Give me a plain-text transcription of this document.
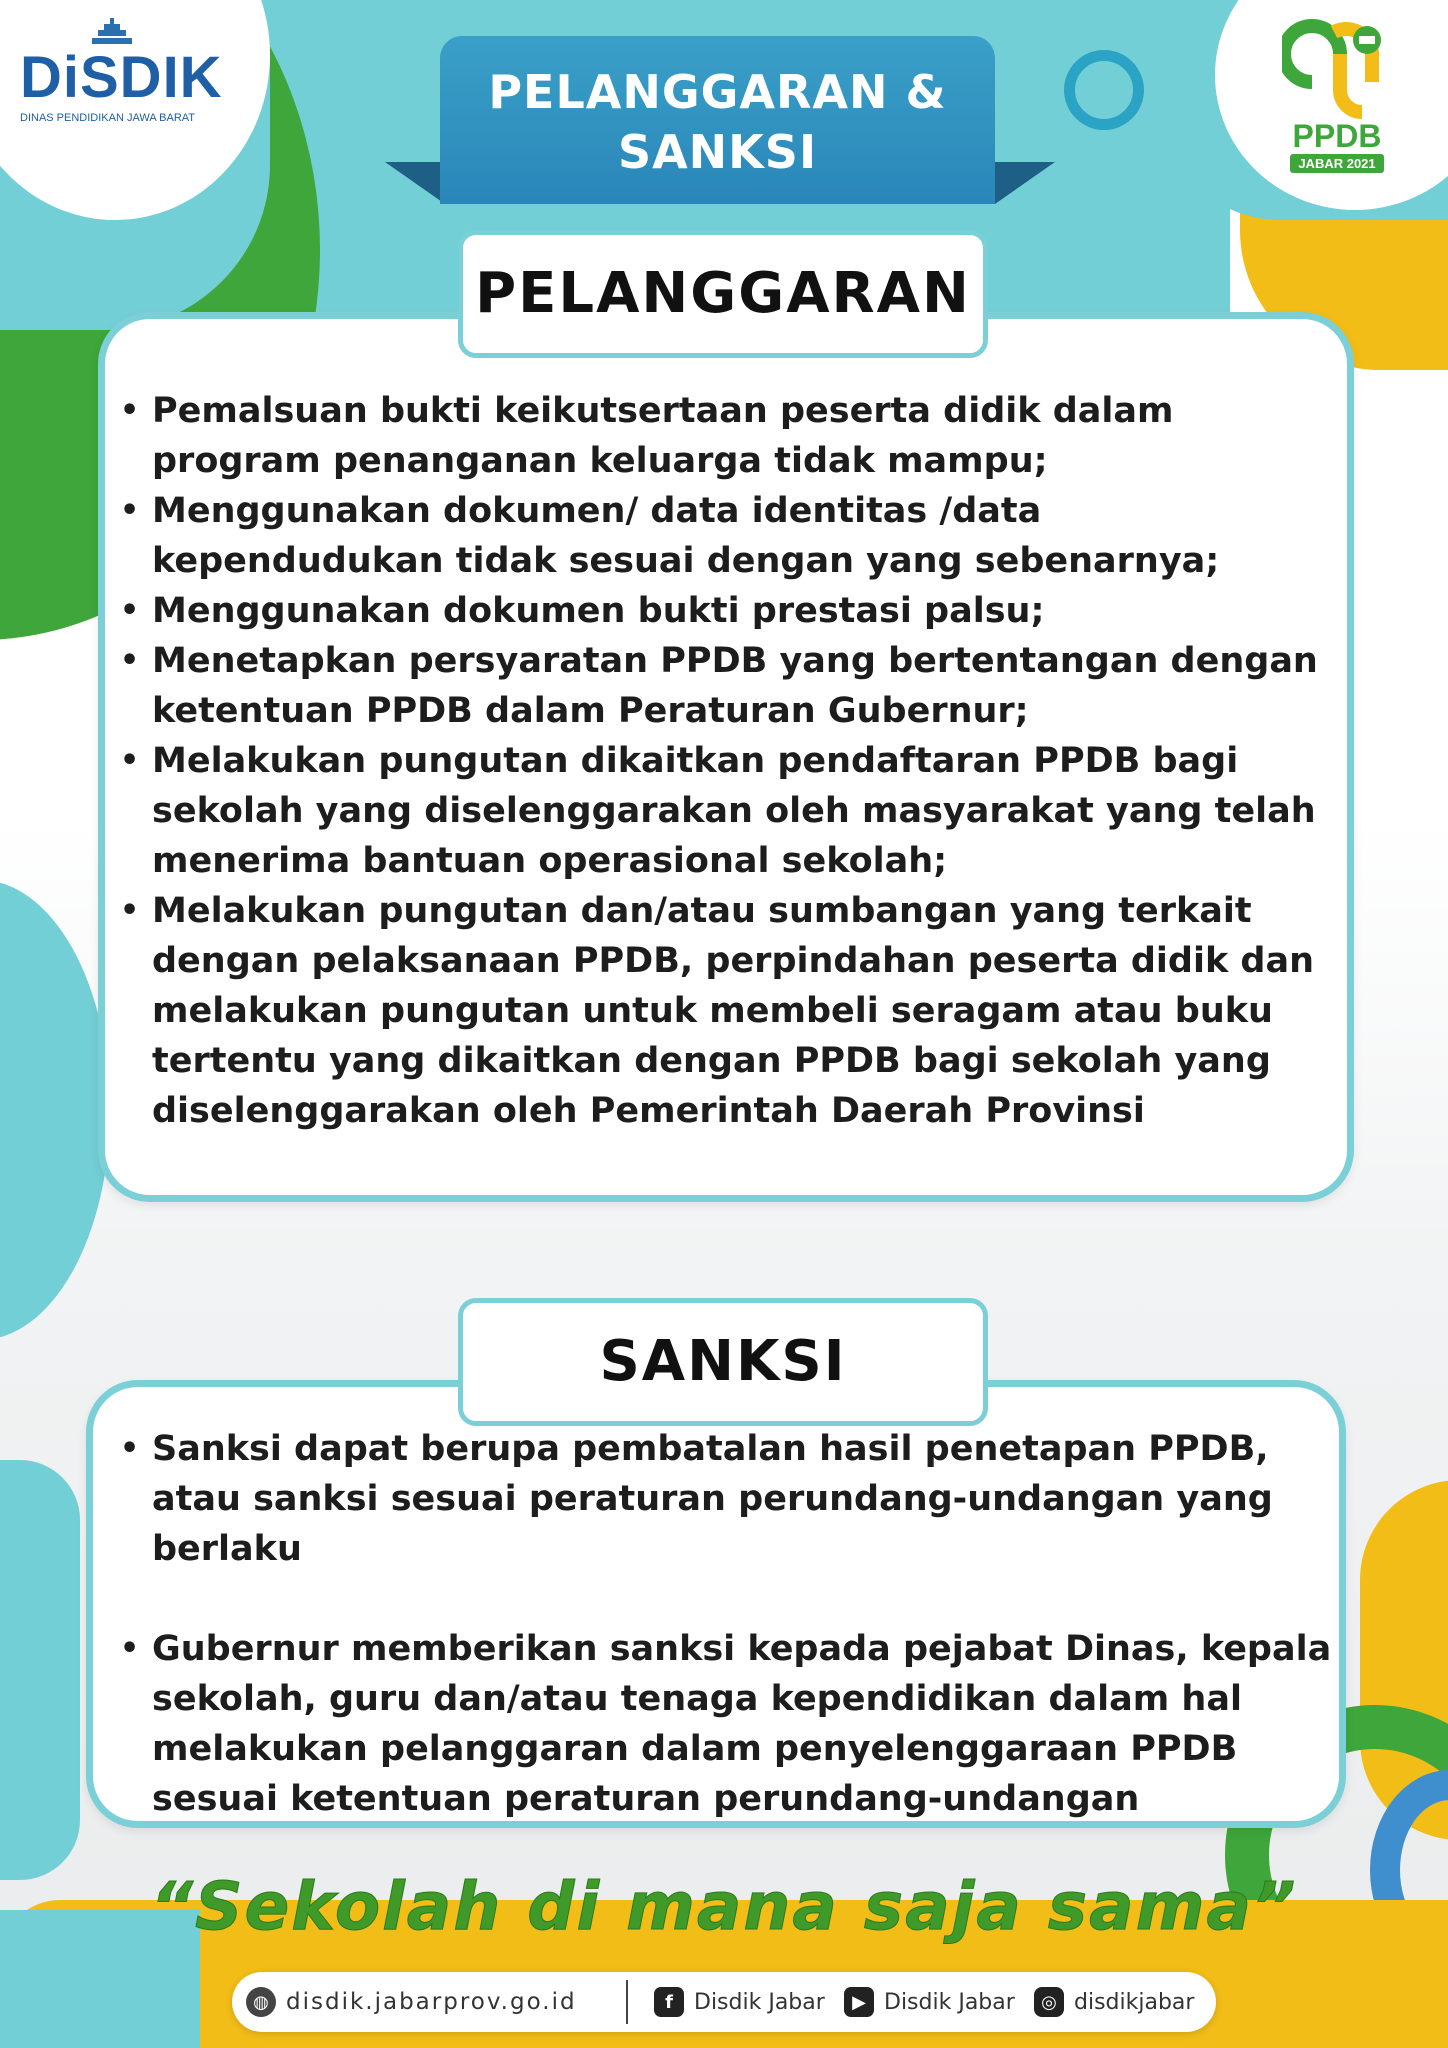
DiSDIK
DINAS PENDIDIKAN JAWA BARAT	PPDB
JABAR 2021
PELANGGARAN &
SANKSI
PELANGGARAN
• Pemalsuan bukti keikutsertaan peserta didik dalam program penanganan keluarga tidak mampu;
• Menggunakan dokumen/ data identitas /data kependudukan tidak sesuai dengan yang sebenarnya;
• Menggunakan dokumen bukti prestasi palsu;
• Menetapkan persyaratan PPDB yang bertentangan dengan ketentuan PPDB dalam Peraturan Gubernur;
• Melakukan pungutan dikaitkan pendaftaran PPDB bagi sekolah yang diselenggarakan oleh masyarakat yang telah menerima bantuan operasional sekolah;
• Melakukan pungutan dan/atau sumbangan yang terkait dengan pelaksanaan PPDB, perpindahan peserta didik dan melakukan pungutan untuk membeli seragam atau buku tertentu yang dikaitkan dengan PPDB bagi sekolah yang diselenggarakan oleh Pemerintah Daerah Provinsi
SANKSI
• Sanksi dapat berupa pembatalan hasil penetapan PPDB, atau sanksi sesuai peraturan perundang-undangan yang berlaku
• Gubernur memberikan sanksi kepada pejabat Dinas, kepala sekolah, guru dan/atau tenaga kependidikan dalam hal melakukan pelanggaran dalam penyelenggaraan PPDB sesuai ketentuan peraturan perundang-undangan
“Sekolah di mana saja sama”
◍ disdik.jabarprov.go.id	f Disdik Jabar	▶ Disdik Jabar	◎ disdikjabar
